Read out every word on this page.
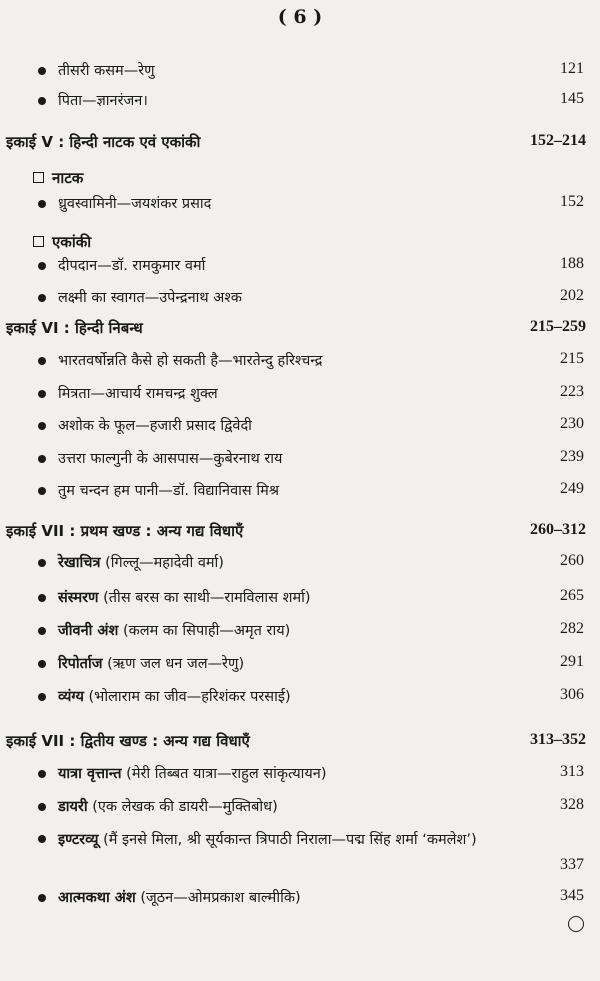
( 6 )
तीसरी कसम—रेणु	121
पिता—ज्ञानरंजन।	145
इकाई V : हिन्दी नाटक एवं एकांकी	152–214
नाटक
ध्रुवस्वामिनी—जयशंकर प्रसाद	152
एकांकी
दीपदान—डॉ. रामकुमार वर्मा	188
लक्ष्मी का स्वागत—उपेन्द्रनाथ अश्क	202
इकाई VI : हिन्दी निबन्ध	215–259
भारतवर्षोन्नति कैसे हो सकती है—भारतेन्दु हरिश्चन्द्र	215
मित्रता—आचार्य रामचन्द्र शुक्ल	223
अशोक के फूल—हजारी प्रसाद द्विवेदी	230
उत्तरा फाल्गुनी के आसपास—कुबेरनाथ राय	239
तुम चन्दन हम पानी—डॉ. विद्यानिवास मिश्र	249
इकाई VII : प्रथम खण्ड : अन्य गद्य विधाएँ	260–312
रेखाचित्र (गिल्लू—महादेवी वर्मा)	260
संस्मरण (तीस बरस का साथी—रामविलास शर्मा)	265
जीवनी अंश (कलम का सिपाही—अमृत राय)	282
रिपोर्ताज (ऋण जल धन जल—रेणु)	291
व्यंग्य (भोलाराम का जीव—हरिशंकर परसाई)	306
इकाई VII : द्वितीय खण्ड : अन्य गद्य विधाएँ	313–352
यात्रा वृत्तान्त (मेरी तिब्बत यात्रा—राहुल सांकृत्यायन)	313
डायरी (एक लेखक की डायरी—मुक्तिबोध)	328
इण्टरव्यू (मैं इनसे मिला, श्री सूर्यकान्त त्रिपाठी निराला—पद्म सिंह शर्मा ‘कमलेश’)
337
आत्मकथा अंश (जूठन—ओमप्रकाश बाल्मीकि)	345
